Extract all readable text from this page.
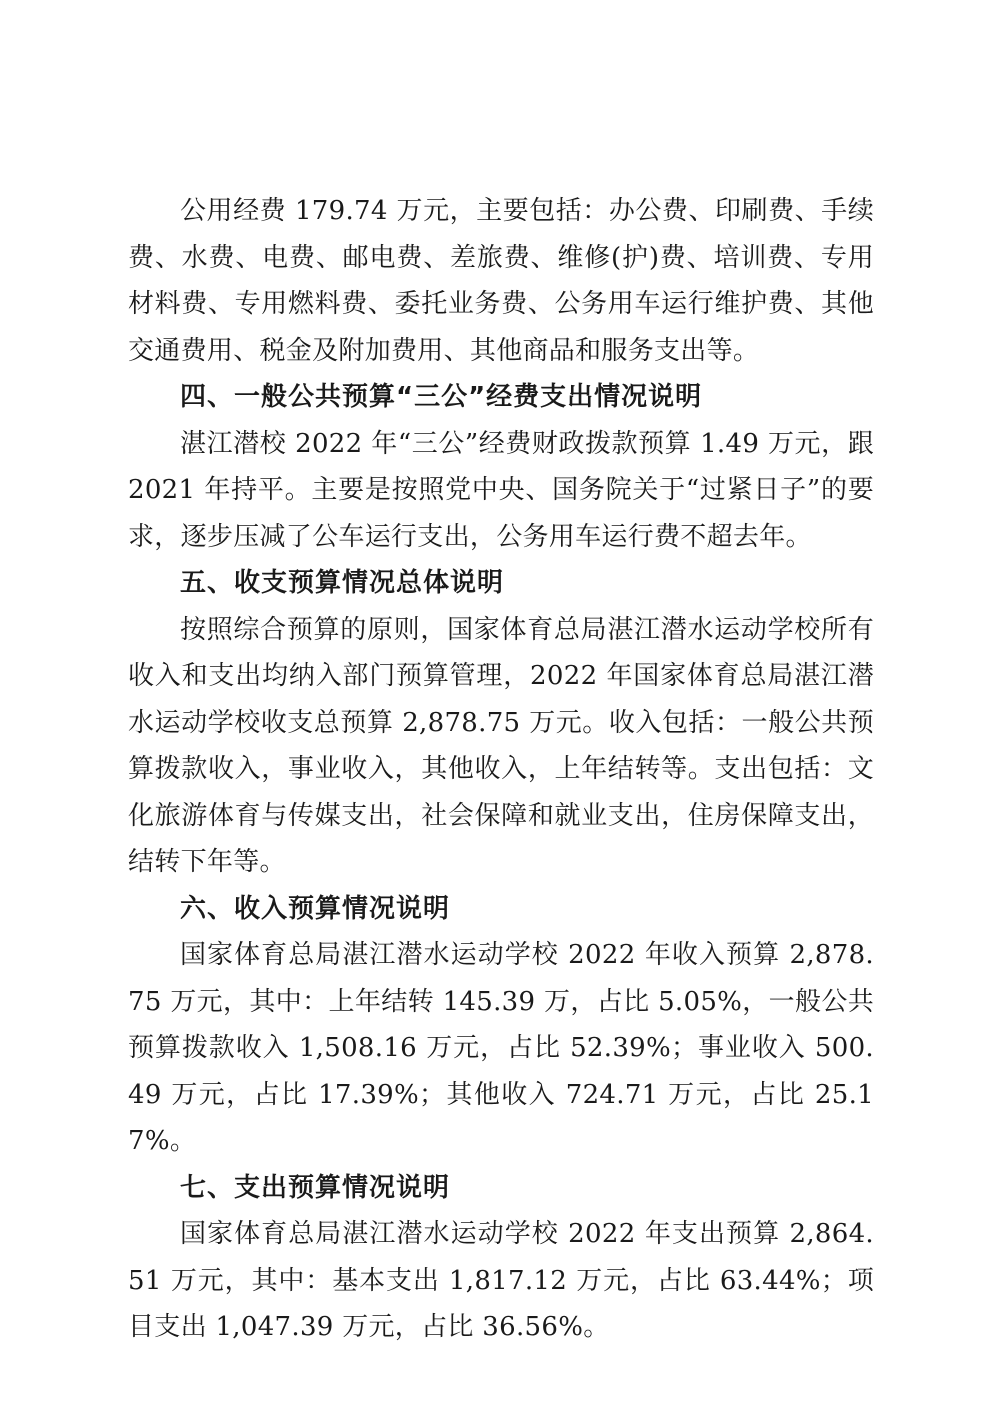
公用经费 179.74 万元，主要包括：办公费、印刷费、手续费、水费、电费、邮电费、差旅费、维修(护)费、培训费、专用材料费、专用燃料费、委托业务费、公务用车运行维护费、其他交通费用、税金及附加费用、其他商品和服务支出等。

四、一般公共预算“三公”经费支出情况说明

湛江潜校 2022 年“三公”经费财政拨款预算 1.49 万元，跟 2021 年持平。主要是按照党中央、国务院关于“过紧日子”的要求，逐步压减了公车运行支出，公务用车运行费不超去年。

五、收支预算情况总体说明

按照综合预算的原则，国家体育总局湛江潜水运动学校所有收入和支出均纳入部门预算管理，2022 年国家体育总局湛江潜水运动学校收支总预算 2,878.75 万元。收入包括：一般公共预算拨款收入，事业收入，其他收入，上年结转等。支出包括：文化旅游体育与传媒支出，社会保障和就业支出，住房保障支出，结转下年等。

六、收入预算情况说明

国家体育总局湛江潜水运动学校 2022 年收入预算 2,878.75 万元，其中：上年结转 145.39 万，占比 5.05%，一般公共预算拨款收入 1,508.16 万元，占比 52.39%；事业收入 500.49 万元，占比 17.39%；其他收入 724.71 万元，占比 25.17%。

七、支出预算情况说明

国家体育总局湛江潜水运动学校 2022 年支出预算 2,864.51 万元，其中：基本支出 1,817.12 万元，占比 63.44%；项目支出 1,047.39 万元，占比 36.56%。
